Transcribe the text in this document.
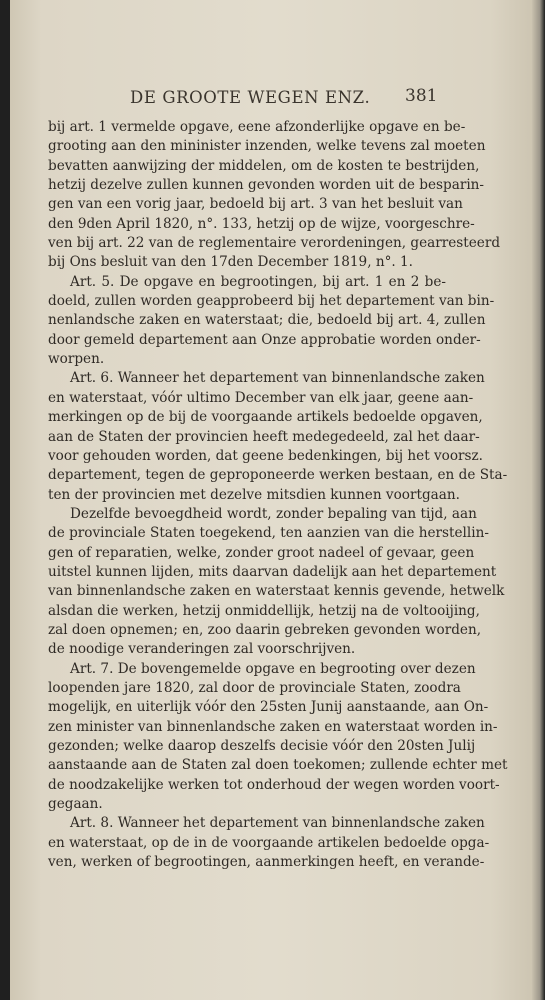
DE GROOTE WEGEN ENZ. 381
bij art. 1 vermelde opgave, eene afzonderlijke opgave en be-
grooting aan den mininister inzenden, welke tevens zal moeten
bevatten aanwijzing der middelen, om de kosten te bestrijden,
hetzij dezelve zullen kunnen gevonden worden uit de besparin-
gen van een vorig jaar, bedoeld bij art. 3 van het besluit van
den 9den April 1820, n°. 133, hetzij op de wijze, voorgeschre-
ven bij art. 22 van de reglementaire verordeningen, gearresteerd
bij Ons besluit van den 17den December 1819, n°. 1.
Art. 5. De opgave en begrootingen, bij art. 1 en 2 be-
doeld, zullen worden geapprobeerd bij het departement van bin-
nenlandsche zaken en waterstaat; die, bedoeld bij art. 4, zullen
door gemeld departement aan Onze approbatie worden onder-
worpen.
Art. 6. Wanneer het departement van binnenlandsche zaken
en waterstaat, vóór ultimo December van elk jaar, geene aan-
merkingen op de bij de voorgaande artikels bedoelde opgaven,
aan de Staten der provincien heeft medegedeeld, zal het daar-
voor gehouden worden, dat geene bedenkingen, bij het voorsz.
departement, tegen de geproponeerde werken bestaan, en de Sta-
ten der provincien met dezelve mitsdien kunnen voortgaan.
Dezelfde bevoegdheid wordt, zonder bepaling van tijd, aan
de provinciale Staten toegekend, ten aanzien van die herstellin-
gen of reparatien, welke, zonder groot nadeel of gevaar, geen
uitstel kunnen lijden, mits daarvan dadelijk aan het departement
van binnenlandsche zaken en waterstaat kennis gevende, hetwelk
alsdan die werken, hetzij onmiddellijk, hetzij na de voltooijing,
zal doen opnemen; en, zoo daarin gebreken gevonden worden,
de noodige veranderingen zal voorschrijven.
Art. 7. De bovengemelde opgave en begrooting over dezen
loopenden jare 1820, zal door de provinciale Staten, zoodra
mogelijk, en uiterlijk vóór den 25sten Junij aanstaande, aan On-
zen minister van binnenlandsche zaken en waterstaat worden in-
gezonden; welke daarop deszelfs decisie vóór den 20sten Julij
aanstaande aan de Staten zal doen toekomen; zullende echter met
de noodzakelijke werken tot onderhoud der wegen worden voort-
gegaan.
Art. 8. Wanneer het departement van binnenlandsche zaken
en waterstaat, op de in de voorgaande artikelen bedoelde opga-
ven, werken of begrootingen, aanmerkingen heeft, en verande-
